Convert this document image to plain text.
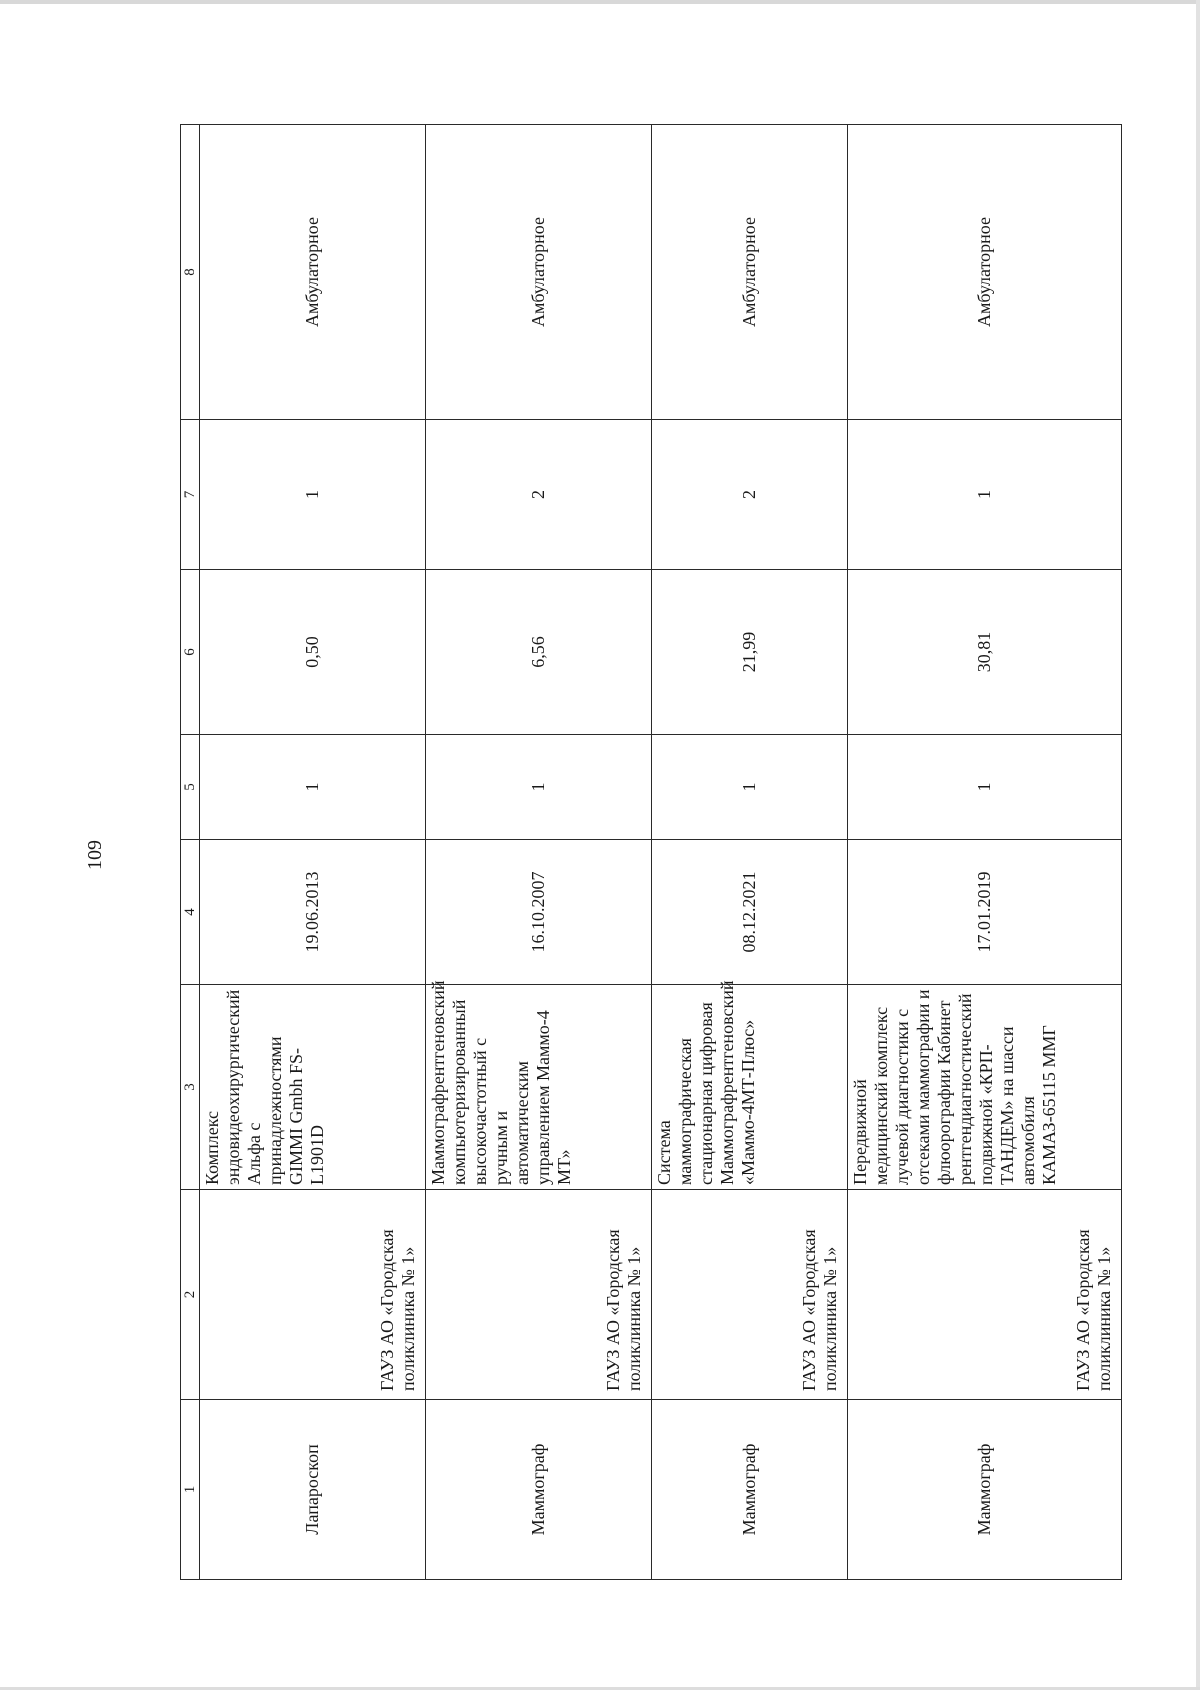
109
1	2	3	4	5	6	7	8
Лапароскоп	ГАУЗ АО «Городская поликлиника № 1»	Комплекс эндовидеохирургический Альфа с принадлежностями GIMMI Gmbh FS-L1901D	19.06.2013	1	0,50	1	Амбулаторное
Маммограф	ГАУЗ АО «Городская поликлиника № 1»	Маммографрентгеновский компьютеризированный высокочастотный с ручным и автоматическим управлением Маммо-4 МТ»	16.10.2007	1	6,56	2	Амбулаторное
Маммограф	ГАУЗ АО «Городская поликлиника № 1»	Система маммографическая стационарная цифровая Маммографрентгеновский «Маммо-4МТ-Плюс»	08.12.2021	1	21,99	2	Амбулаторное
Маммограф	ГАУЗ АО «Городская поликлиника № 1»	Передвижной медицинский комплекс лучевой диагностики с отсеками маммографии и флюорографии Кабинет рентгендиагностический подвижной «КРП-ТАНДЕМ» на шасси автомобиля КАМАЗ-65115 ММГ	17.01.2019	1	30,81	1	Амбулаторное
